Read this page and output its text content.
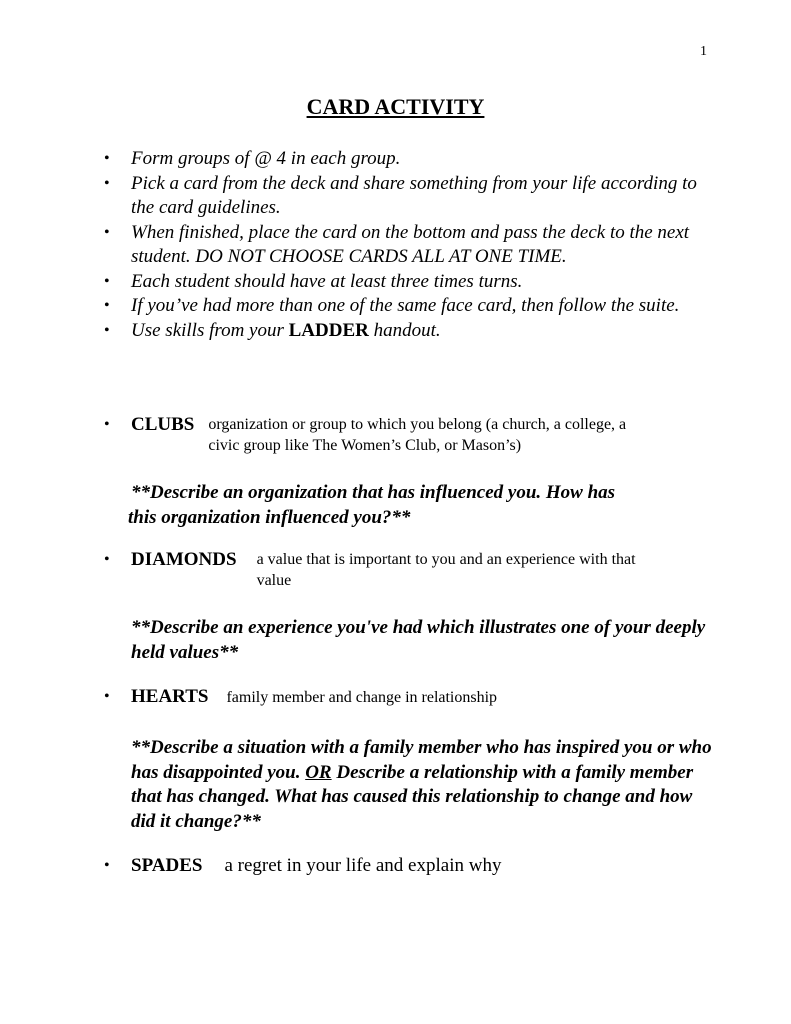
1
CARD ACTIVITY
• Form groups of @ 4 in each group.
• Pick a card from the deck and share something from your life according to the card guidelines.
• When finished, place the card on the bottom and pass the deck to the next student. DO NOT CHOOSE CARDS ALL AT ONE TIME.
• Each student should have at least three times turns.
• If you’ve had more than one of the same face card, then follow the suite.
• Use skills from your LADDER handout.
• CLUBS organization or group to which you belong (a church, a college, a
civic group like The Women’s Club, or Mason’s)
**Describe an organization that has influenced you. How has
this organization influenced you?**
• DIAMONDS a value that is important to you and an experience with that
value
**Describe an experience you've had which illustrates one of your deeply held values**
• HEARTS family member and change in relationship
**Describe a situation with a family member who has inspired you or who has disappointed you. OR Describe a relationship with a family member that has changed. What has caused this relationship to change and how did it change?**
• SPADES a regret in your life and explain why
